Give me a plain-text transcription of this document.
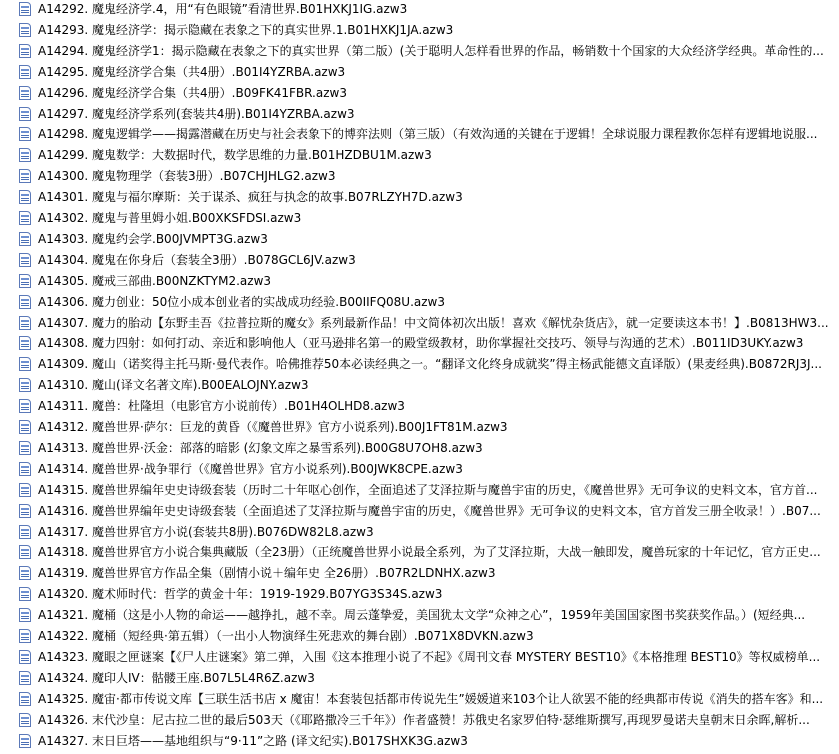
A14292. 魔鬼经济学.4，用“有色眼镜”看清世界.B01HXKJ1IG.azw3
A14293. 魔鬼经济学：揭示隐藏在表象之下的真实世界.1.B01HXKJ1JA.azw3
A14294. 魔鬼经济学1：揭示隐藏在表象之下的真实世界（第二版）(关于聪明人怎样看世界的作品，畅销数十个国家的大众经济学经典。革命性的...
A14295. 魔鬼经济学合集（共4册）.B01I4YZRBA.azw3
A14296. 魔鬼经济学合集（共4册）.B09FK41FBR.azw3
A14297. 魔鬼经济学系列(套装共4册).B01I4YZRBA.azw3
A14298. 魔鬼逻辑学——揭露潜藏在历史与社会表象下的博弈法则（第三版）（有效沟通的关键在于逻辑！全球说服力课程教你怎样有逻辑地说服...
A14299. 魔鬼数学：大数据时代，数学思维的力量.B01HZDBU1M.azw3
A14300. 魔鬼物理学（套装3册）.B07CHJHLG2.azw3
A14301. 魔鬼与福尔摩斯：关于谋杀、疯狂与执念的故事.B07RLZYH7D.azw3
A14302. 魔鬼与普里姆小姐.B00XKSFDSI.azw3
A14303. 魔鬼约会学.B00JVMPT3G.azw3
A14304. 魔鬼在你身后（套装全3册）.B078GCL6JV.azw3
A14305. 魔戒三部曲.B00NZKTYM2.azw3
A14306. 魔力创业：50位小成本创业者的实战成功经验.B00IIFQ08U.azw3
A14307. 魔力的胎动【东野圭吾《拉普拉斯的魔女》系列最新作品！中文简体初次出版！喜欢《解忧杂货店》，就一定要读这本书！】.B0813HW3...
A14308. 魔力四射：如何打动、亲近和影响他人（亚马逊排名第一的殿堂级教材，助你掌握社交技巧、领导与沟通的艺术）.B011ID3UKY.azw3
A14309. 魔山（诺奖得主托马斯·曼代表作。哈佛推荐50本必读经典之一。“翻译文化终身成就奖”得主杨武能德文直译版）(果麦经典).B0872RJ3J...
A14310. 魔山(译文名著文库).B00EALOJNY.azw3
A14311. 魔兽：杜隆坦（电影官方小说前传）.B01H4OLHD8.azw3
A14312. 魔兽世界·萨尔：巨龙的黄昏（《魔兽世界》官方小说系列).B00J1FT81M.azw3
A14313. 魔兽世界·沃金：部落的暗影 (幻象文库之暴雪系列).B00G8U7OH8.azw3
A14314. 魔兽世界·战争罪行（《魔兽世界》官方小说系列).B00JWK8CPE.azw3
A14315. 魔兽世界编年史史诗级套装（历时二十年呕心创作，全面追述了艾泽拉斯与魔兽宇宙的历史，《魔兽世界》无可争议的史料文本，官方首...
A14316. 魔兽世界编年史史诗级套装（全面追述了艾泽拉斯与魔兽宇宙的历史，《魔兽世界》无可争议的史料文本，官方首发三册全收录！）.B07...
A14317. 魔兽世界官方小说(套装共8册).B076DW82L8.azw3
A14318. 魔兽世界官方小说合集典藏版（全23册）（正统魔兽世界小说最全系列，为了艾泽拉斯，大战一触即发，魔兽玩家的十年记忆，官方正史...
A14319. 魔兽世界官方作品全集（剧情小说＋编年史 全26册）.B07R2LDNHX.azw3
A14320. 魔术师时代：哲学的黄金十年：1919-1929.B07YG3S34S.azw3
A14321. 魔桶（这是小人物的命运——越挣扎，越不幸。周云蓬挚爱，美国犹太文学“众神之心”，1959年美国国家图书奖获奖作品。）(短经典...
A14322. 魔桶（短经典·第五辑）（一出小人物演绎生死悲欢的舞台剧）.B071X8DVKN.azw3
A14323. 魔眼之匣谜案【《尸人庄谜案》第二弹，入围《这本推理小说了不起》《周刊文春 MYSTERY BEST10》《本格推理 BEST10》等权威榜单...
A14324. 魔印人IV：骷髅王座.B07L5L4R6Z.azw3
A14325. 魔宙·都市传说文库【三联生活书店 x 魔宙！本套装包括都市传说先生”媛媛道来103个让人欲罢不能的经典都市传说《消失的搭车客》和...
A14326. 末代沙皇：尼古拉二世的最后503天（《耶路撒冷三千年》）作者盛赞！苏俄史名家罗伯特·瑟维斯撰写,再现罗曼诺夫皇朝末日余晖,解析...
A14327. 末日巨塔——基地组织与“9·11”之路 (译文纪实).B017SHXK3G.azw3
